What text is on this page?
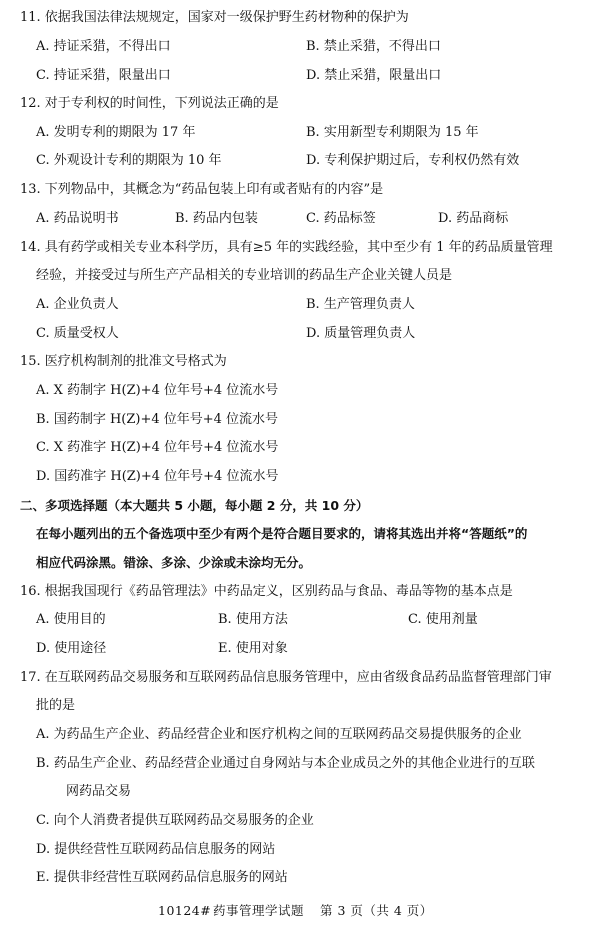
11. 依据我国法律法规规定，国家对一级保护野生药材物种的保护为
A. 持证采猎，不得出口	B. 禁止采猎，不得出口
C. 持证采猎，限量出口	D. 禁止采猎，限量出口
12. 对于专利权的时间性，下列说法正确的是
A. 发明专利的期限为 17 年	B. 实用新型专利期限为 15 年
C. 外观设计专利的期限为 10 年	D. 专利保护期过后，专利权仍然有效
13. 下列物品中，其概念为“药品包装上印有或者贴有的内容”是
A. 药品说明书	B. 药品内包装	C. 药品标签	D. 药品商标
14. 具有药学或相关专业本科学历，具有≥5 年的实践经验，其中至少有 1 年的药品质量管理
经验，并接受过与所生产产品相关的专业培训的药品生产企业关键人员是
A. 企业负责人	B. 生产管理负责人
C. 质量受权人	D. 质量管理负责人
15. 医疗机构制剂的批准文号格式为
A. X 药制字 H(Z)+4 位年号+4 位流水号
B. 国药制字 H(Z)+4 位年号+4 位流水号
C. X 药准字 H(Z)+4 位年号+4 位流水号
D. 国药准字 H(Z)+4 位年号+4 位流水号
二、多项选择题（本大题共 5 小题，每小题 2 分，共 10 分）
在每小题列出的五个备选项中至少有两个是符合题目要求的，请将其选出并将“答题纸”的
相应代码涂黑。错涂、多涂、少涂或未涂均无分。
16. 根据我国现行《药品管理法》中药品定义，区别药品与食品、毒品等物的基本点是
A. 使用目的	B. 使用方法	C. 使用剂量
D. 使用途径	E. 使用对象
17. 在互联网药品交易服务和互联网药品信息服务管理中，应由省级食品药品监督管理部门审
批的是
A. 为药品生产企业、药品经营企业和医疗机构之间的互联网药品交易提供服务的企业
B. 药品生产企业、药品经营企业通过自身网站与本企业成员之外的其他企业进行的互联
网药品交易
C. 向个人消费者提供互联网药品交易服务的企业
D. 提供经营性互联网药品信息服务的网站
E. 提供非经营性互联网药品信息服务的网站
10124# 药事管理学试题 第 3 页（共 4 页）
